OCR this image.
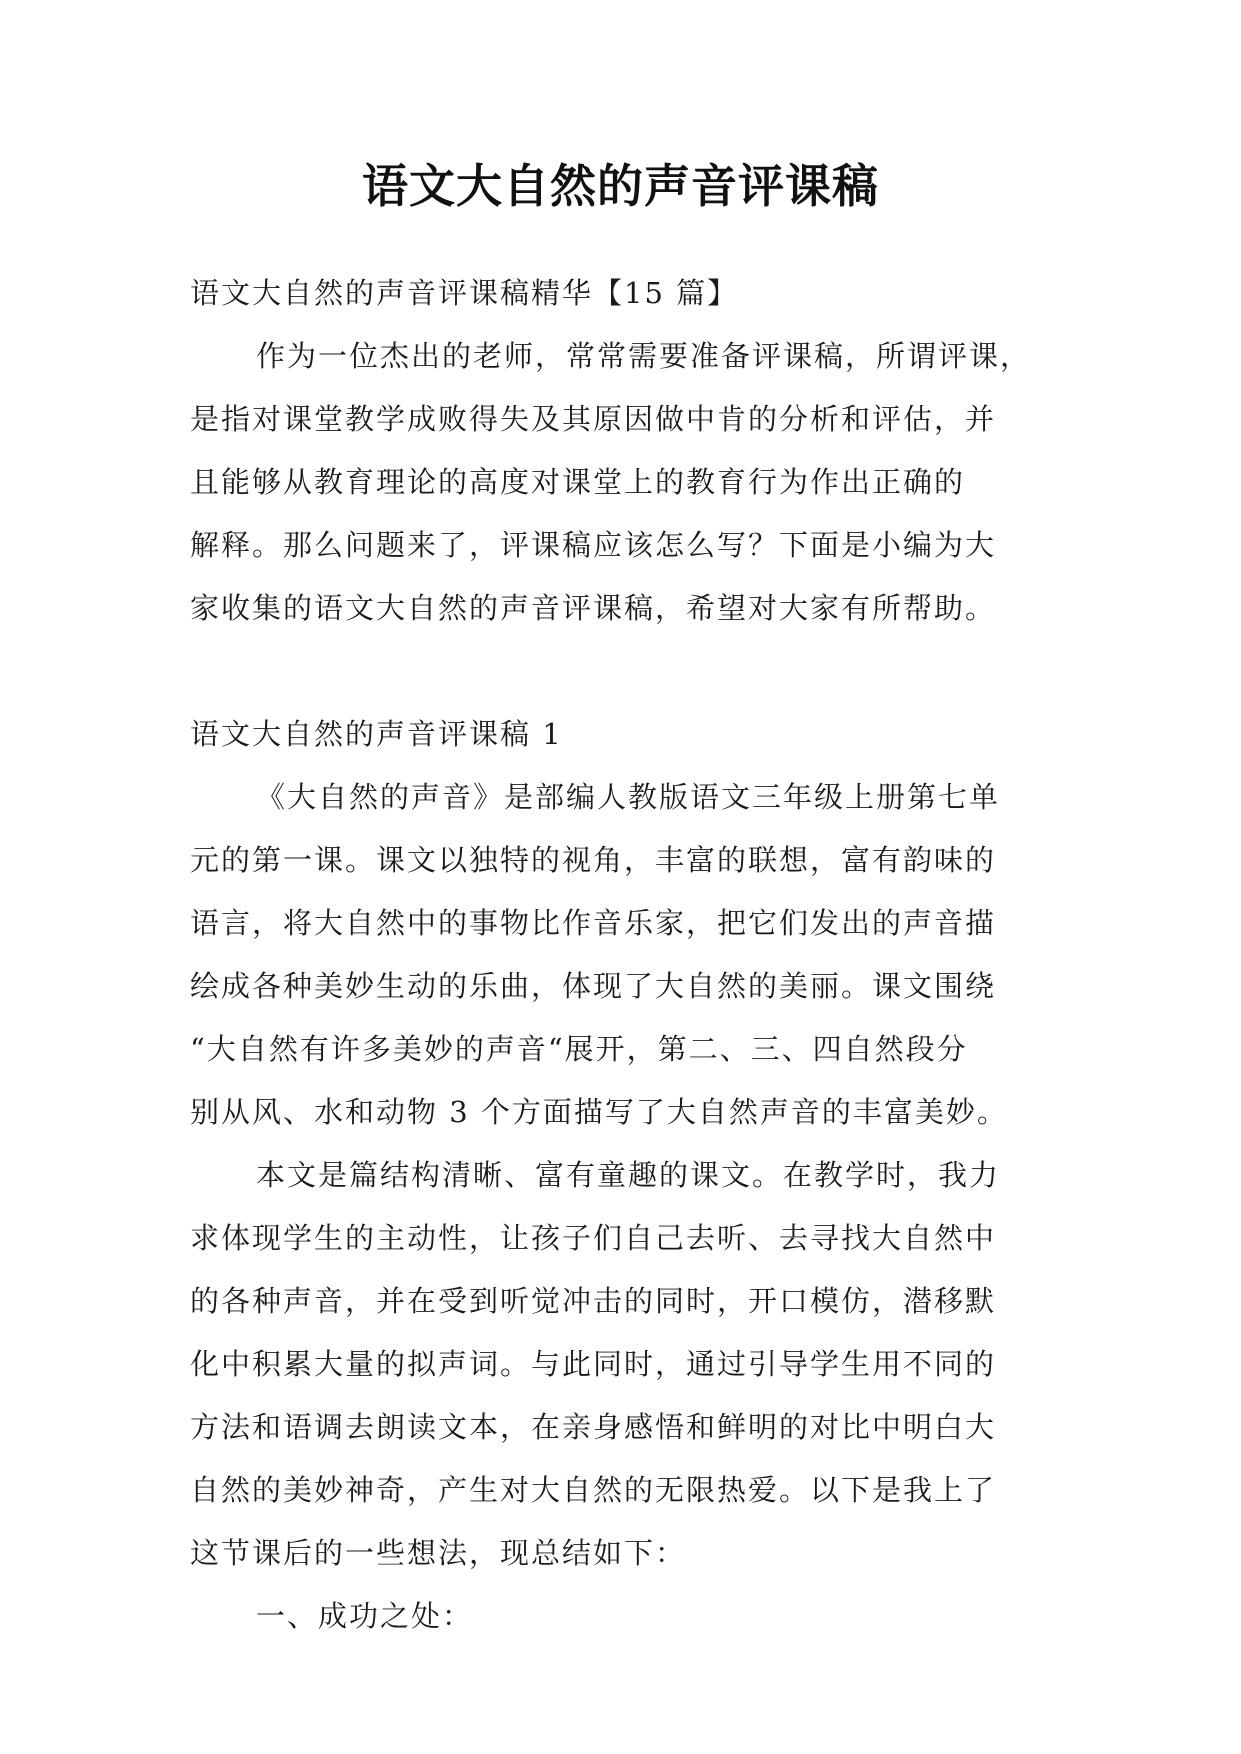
语文大自然的声音评课稿

语文大自然的声音评课稿精华【15 篇】

作为一位杰出的老师，常常需要准备评课稿，所谓评课，

是指对课堂教学成败得失及其原因做中肯的分析和评估，并

且能够从教育理论的高度对课堂上的教育行为作出正确的

解释。那么问题来了，评课稿应该怎么写？下面是小编为大

家收集的语文大自然的声音评课稿，希望对大家有所帮助。

语文大自然的声音评课稿 1

《大自然的声音》是部编人教版语文三年级上册第七单

元的第一课。课文以独特的视角，丰富的联想，富有韵味的

语言，将大自然中的事物比作音乐家，把它们发出的声音描

绘成各种美妙生动的乐曲，体现了大自然的美丽。课文围绕

“大自然有许多美妙的声音“展开，第二、三、四自然段分

别从风、水和动物 3 个方面描写了大自然声音的丰富美妙。

本文是篇结构清晰、富有童趣的课文。在教学时，我力

求体现学生的主动性，让孩子们自己去听、去寻找大自然中

的各种声音，并在受到听觉冲击的同时，开口模仿，潜移默

化中积累大量的拟声词。与此同时，通过引导学生用不同的

方法和语调去朗读文本，在亲身感悟和鲜明的对比中明白大

自然的美妙神奇，产生对大自然的无限热爱。以下是我上了

这节课后的一些想法，现总结如下：

一、成功之处：
